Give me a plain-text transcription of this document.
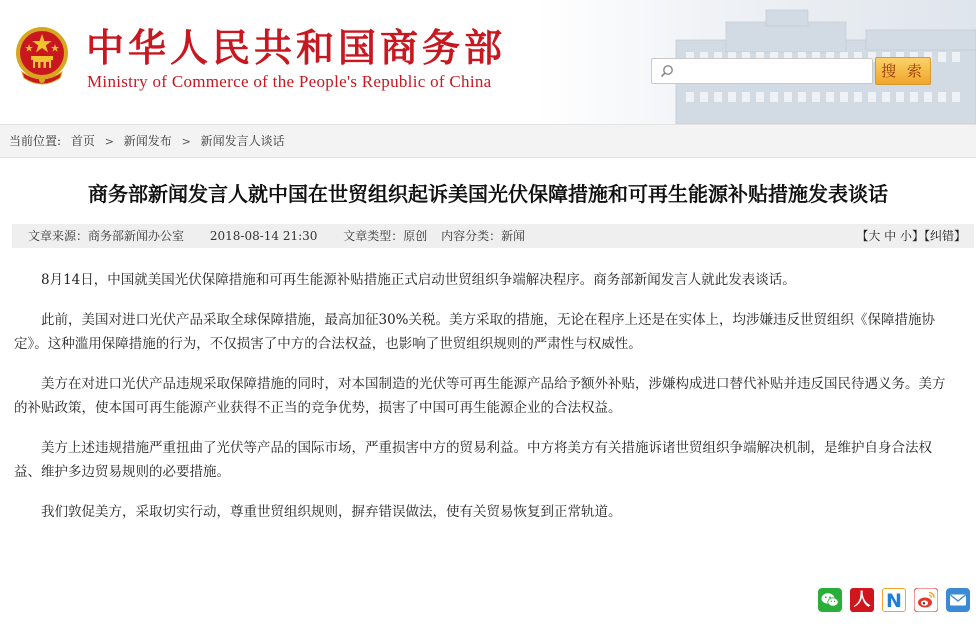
中华人民共和国商务部
Ministry of Commerce of the People's Republic of China
搜 索
当前位置: 首页 > 新闻发布 > 新闻发言人谈话
商务部新闻发言人就中国在世贸组织起诉美国光伏保障措施和可再生能源补贴措施发表谈话
文章来源：商务部新闻办公室 2018-08-14 21:30 文章类型：原创 内容分类：新闻	【大 中 小】【纠错】

8月14日，中国就美国光伏保障措施和可再生能源补贴措施正式启动世贸组织争端解决程序。商务部新闻发言人就此发表谈话。

此前，美国对进口光伏产品采取全球保障措施，最高加征30%关税。美方采取的措施，无论在程序上还是在实体上，均涉嫌违反世贸组织《保障措施协定》。这种滥用保障措施的行为，不仅损害了中方的合法权益，也影响了世贸组织规则的严肃性与权威性。

美方在对进口光伏产品违规采取保障措施的同时，对本国制造的光伏等可再生能源产品给予额外补贴，涉嫌构成进口替代补贴并违反国民待遇义务。美方的补贴政策，使本国可再生能源产业获得不正当的竞争优势，损害了中国可再生能源企业的合法权益。

美方上述违规措施严重扭曲了光伏等产品的国际市场，严重损害中方的贸易利益。中方将美方有关措施诉诸世贸组织争端解决机制，是维护自身合法权益、维护多边贸易规则的必要措施。

我们敦促美方，采取切实行动，尊重世贸组织规则，摒弃错误做法，使有关贸易恢复到正常轨道。

人 N
